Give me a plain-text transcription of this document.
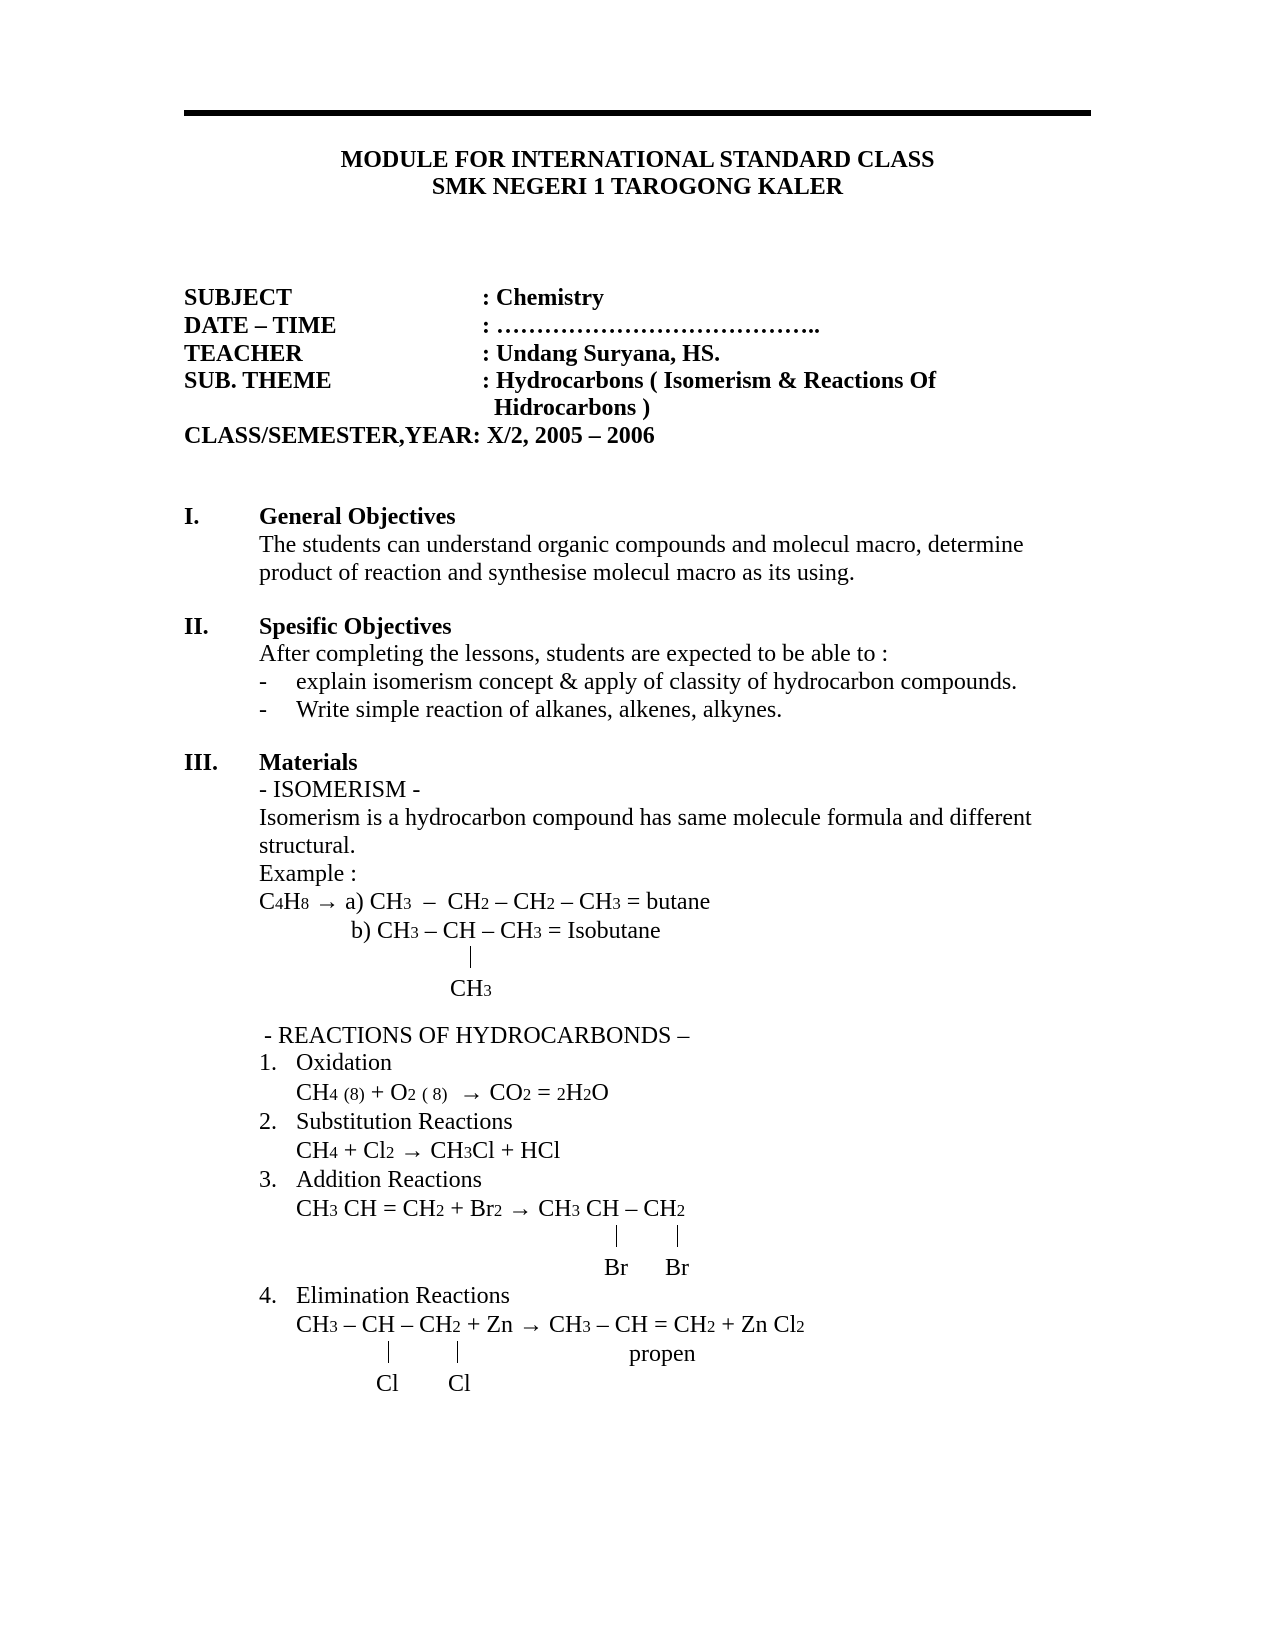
MODULE FOR INTERNATIONAL STANDARD CLASS
SMK NEGERI 1 TAROGONG KALER
SUBJECT	: Chemistry
DATE – TIME	: …………………………………..
TEACHER	: Undang Suryana, HS.
SUB. THEME	: Hydrocarbons ( Isomerism & Reactions Of
Hidrocarbons )
CLASS/SEMESTER,YEAR: X/2, 2005 – 2006
I. General Objectives
The students can understand organic compounds and molecul macro, determine
product of reaction and synthesise molecul macro as its using.
II. Spesific Objectives
After completing the lessons, students are expected to be able to :
- explain isomerism concept & apply of classity of hydrocarbon compounds.
- Write simple reaction of alkanes, alkenes, alkynes.
III. Materials
- ISOMERISM -
Isomerism is a hydrocarbon compound has same molecule formula and different
structural.
Example :
C4H8 → a) CH3  –  CH2 – CH2 – CH3 = butane
b) CH3 – CH – CH3 = Isobutane
CH3
- REACTIONS OF HYDROCARBONDS –
1. Oxidation
CH4 (8) + O2 ( 8)  → CO2 = 2H2O
2. Substitution Reactions
CH4 + Cl2 → CH3Cl + HCl
3. Addition Reactions
CH3 CH = CH2 + Br2 → CH3 CH – CH2
Br Br
4. Elimination Reactions
CH3 – CH – CH2 + Zn → CH3 – CH = CH2 + Zn Cl2
propen
Cl Cl
